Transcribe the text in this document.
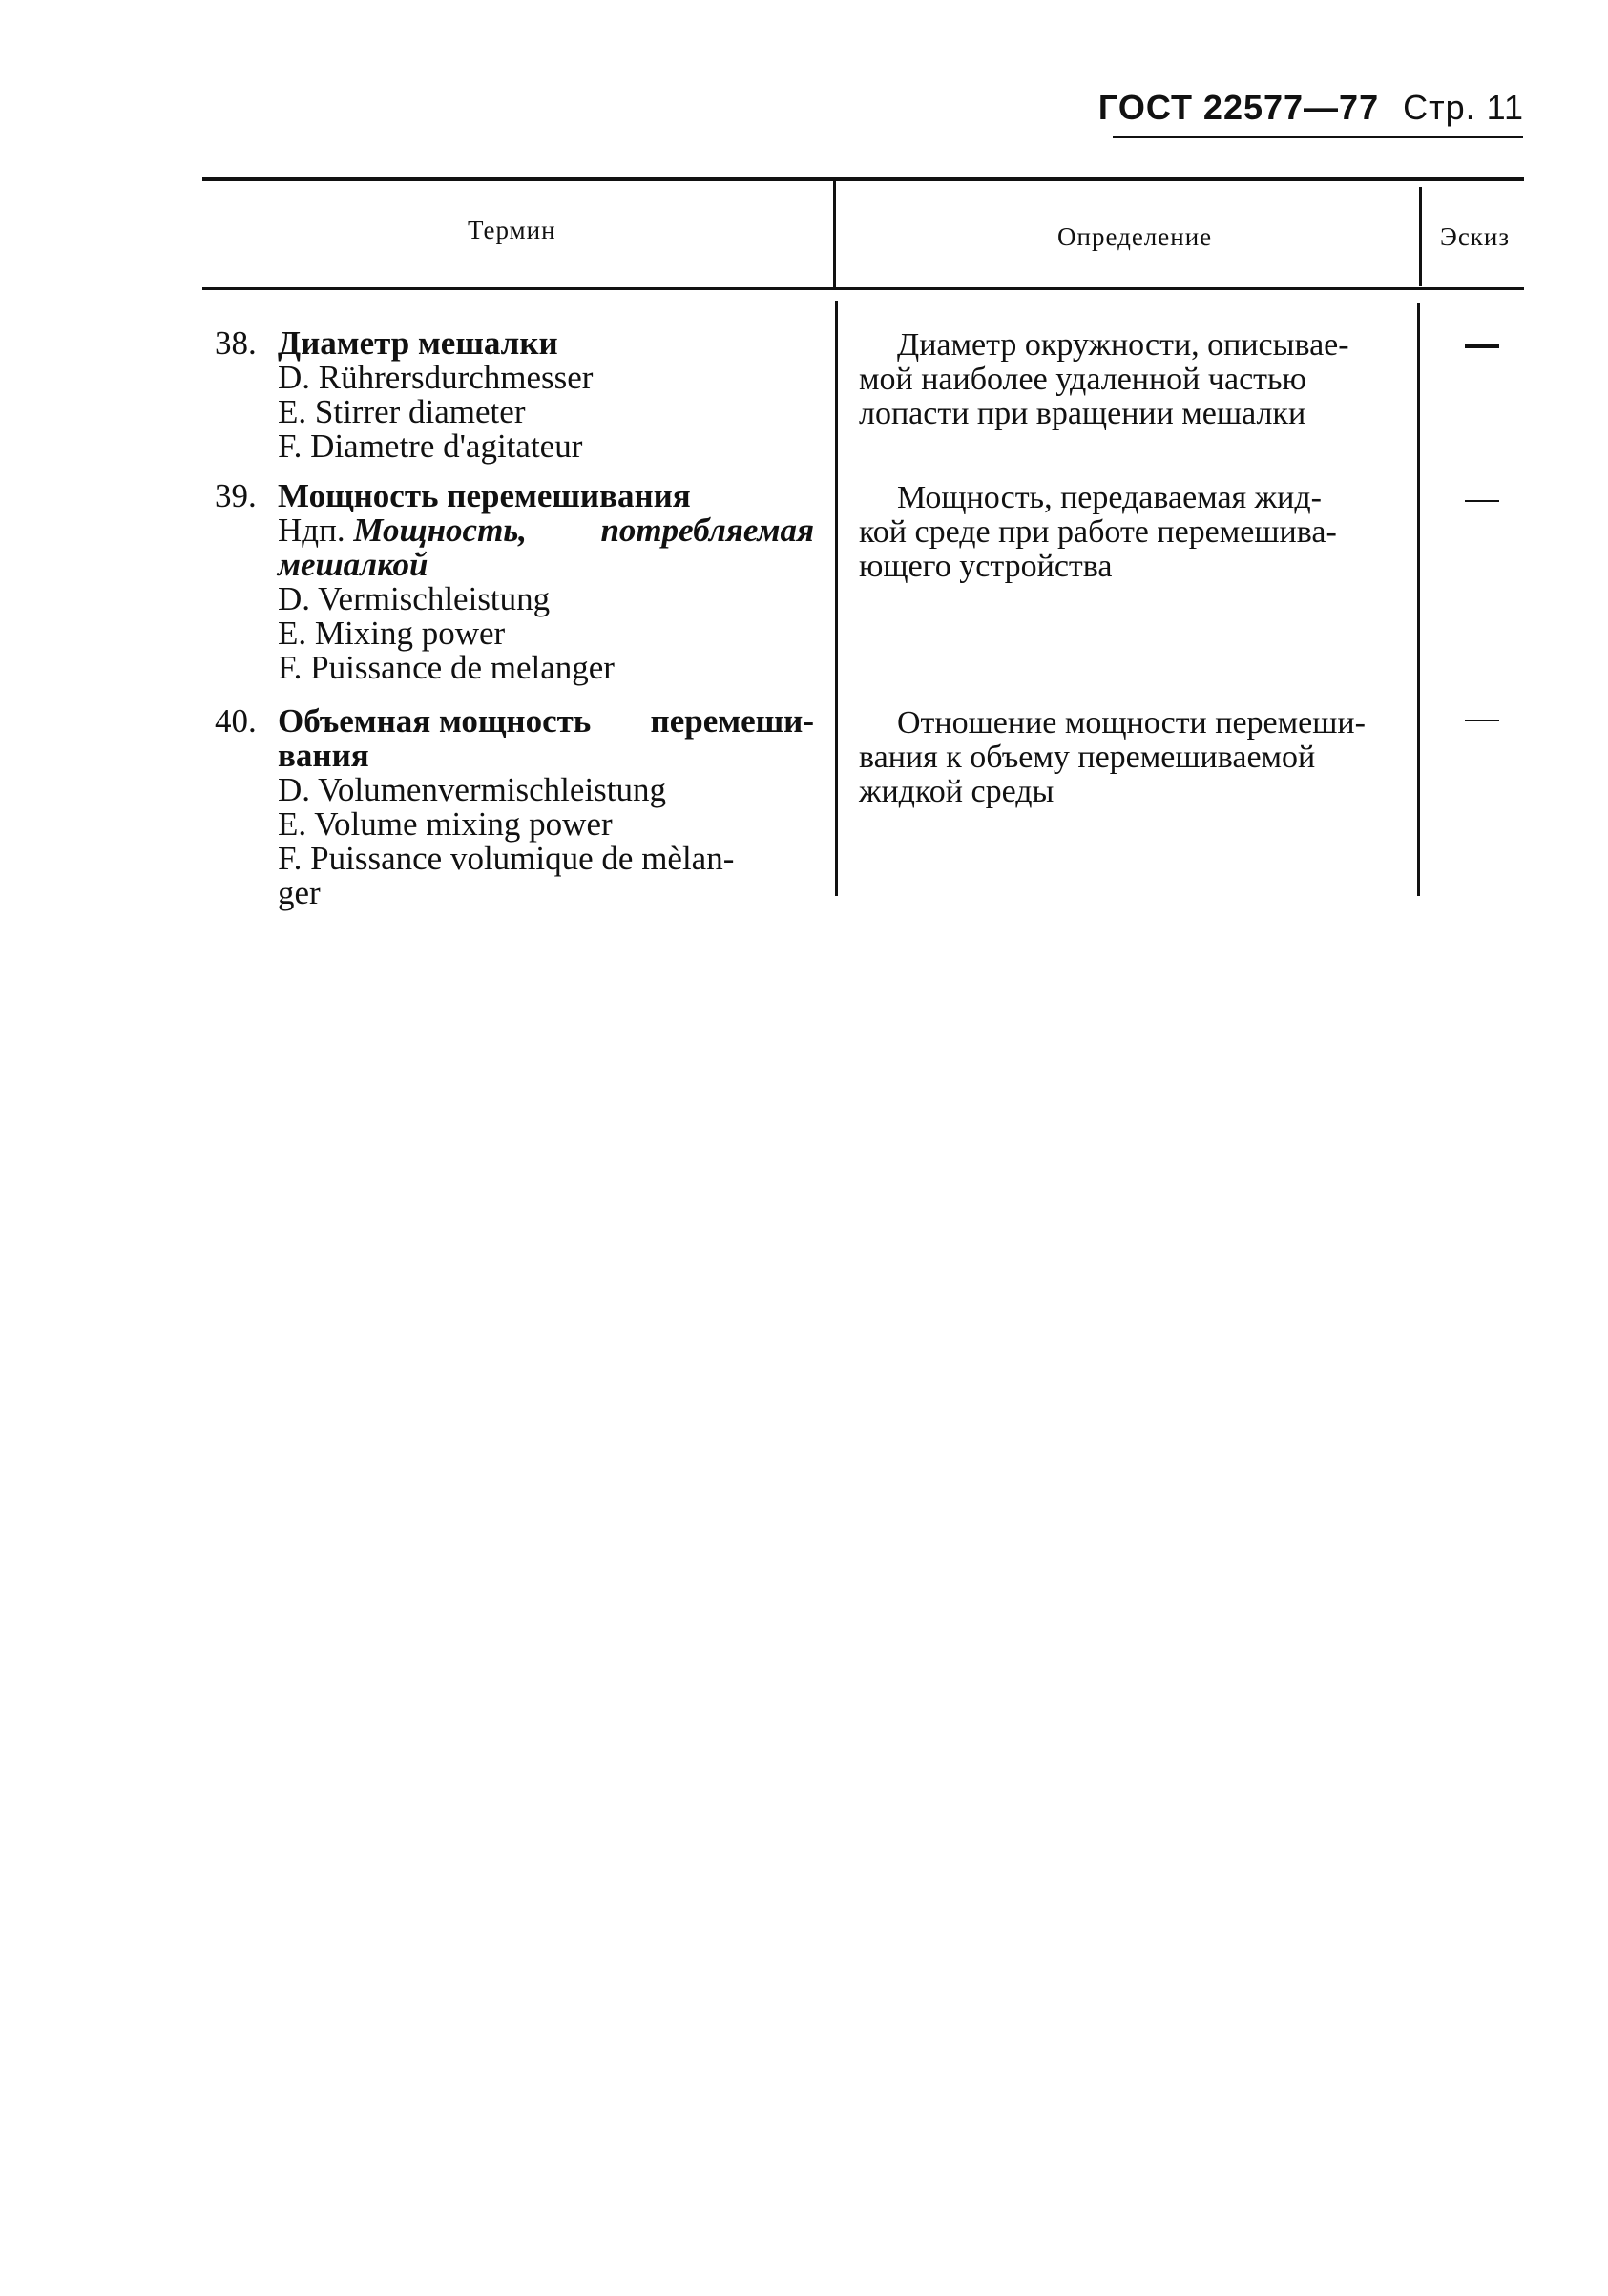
ГОСТ 22577—77 Стр. 11
Термин	Определение	Эскиз
38. Диаметр мешалки
D. Rührersdurchmesser
E. Stirrer diameter
F. Diametre d'agitateur
Диаметр окружности, описывае-
мой наиболее удаленной частью
лопасти при вращении мешалки
39. Мощность перемешивания
Ндп. Мощность, потребляемая
мешалкой
D. Vermischleistung
E. Mixing power
F. Puissance de melanger
Мощность, передаваемая жид-
кой среде при работе перемешива-
ющего устройства
40. Объемная мощность перемеши-
вания
D. Volumenvermischleistung
E. Volume mixing power
F. Puissance volumique de mèlan-
ger
Отношение мощности перемеши-
вания к объему перемешиваемой
жидкой среды
